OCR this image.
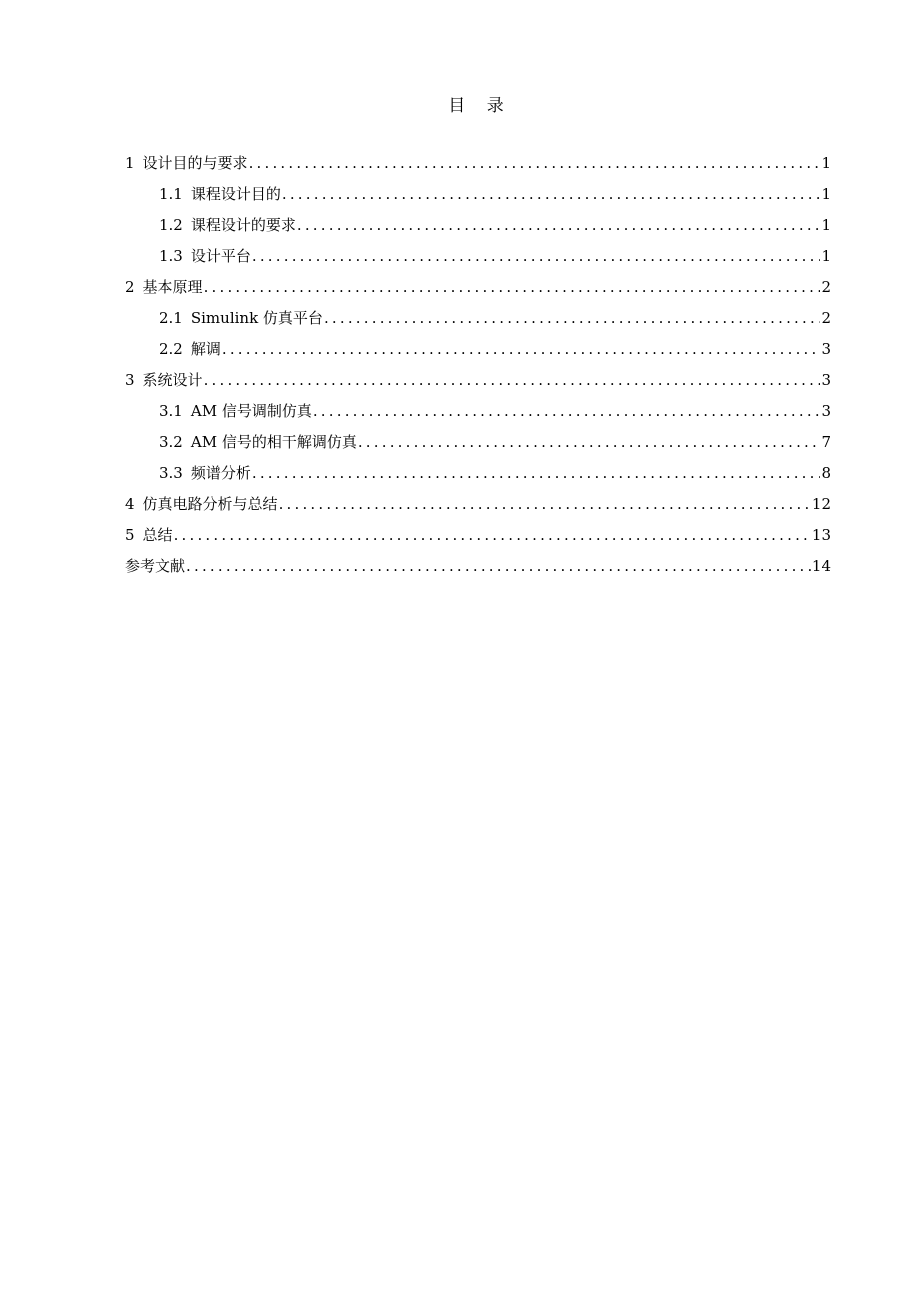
目 录
1 设计目的与要求 .....	1
1.1 课程设计目的 .....	1
1.2 课程设计的要求 .....	1
1.3 设计平台 .....	1
2 基本原理 .....	2
2.1 Simulink 仿真平台 .....	2
2.2 解调 .....	3
3 系统设计 .....	3
3.1 AM 信号调制仿真 .....	3
3.2 AM 信号的相干解调仿真 .....	7
3.3 频谱分析 .....	8
4 仿真电路分析与总结 .....	12
5 总结 .....	13
参考文献 .....	14
